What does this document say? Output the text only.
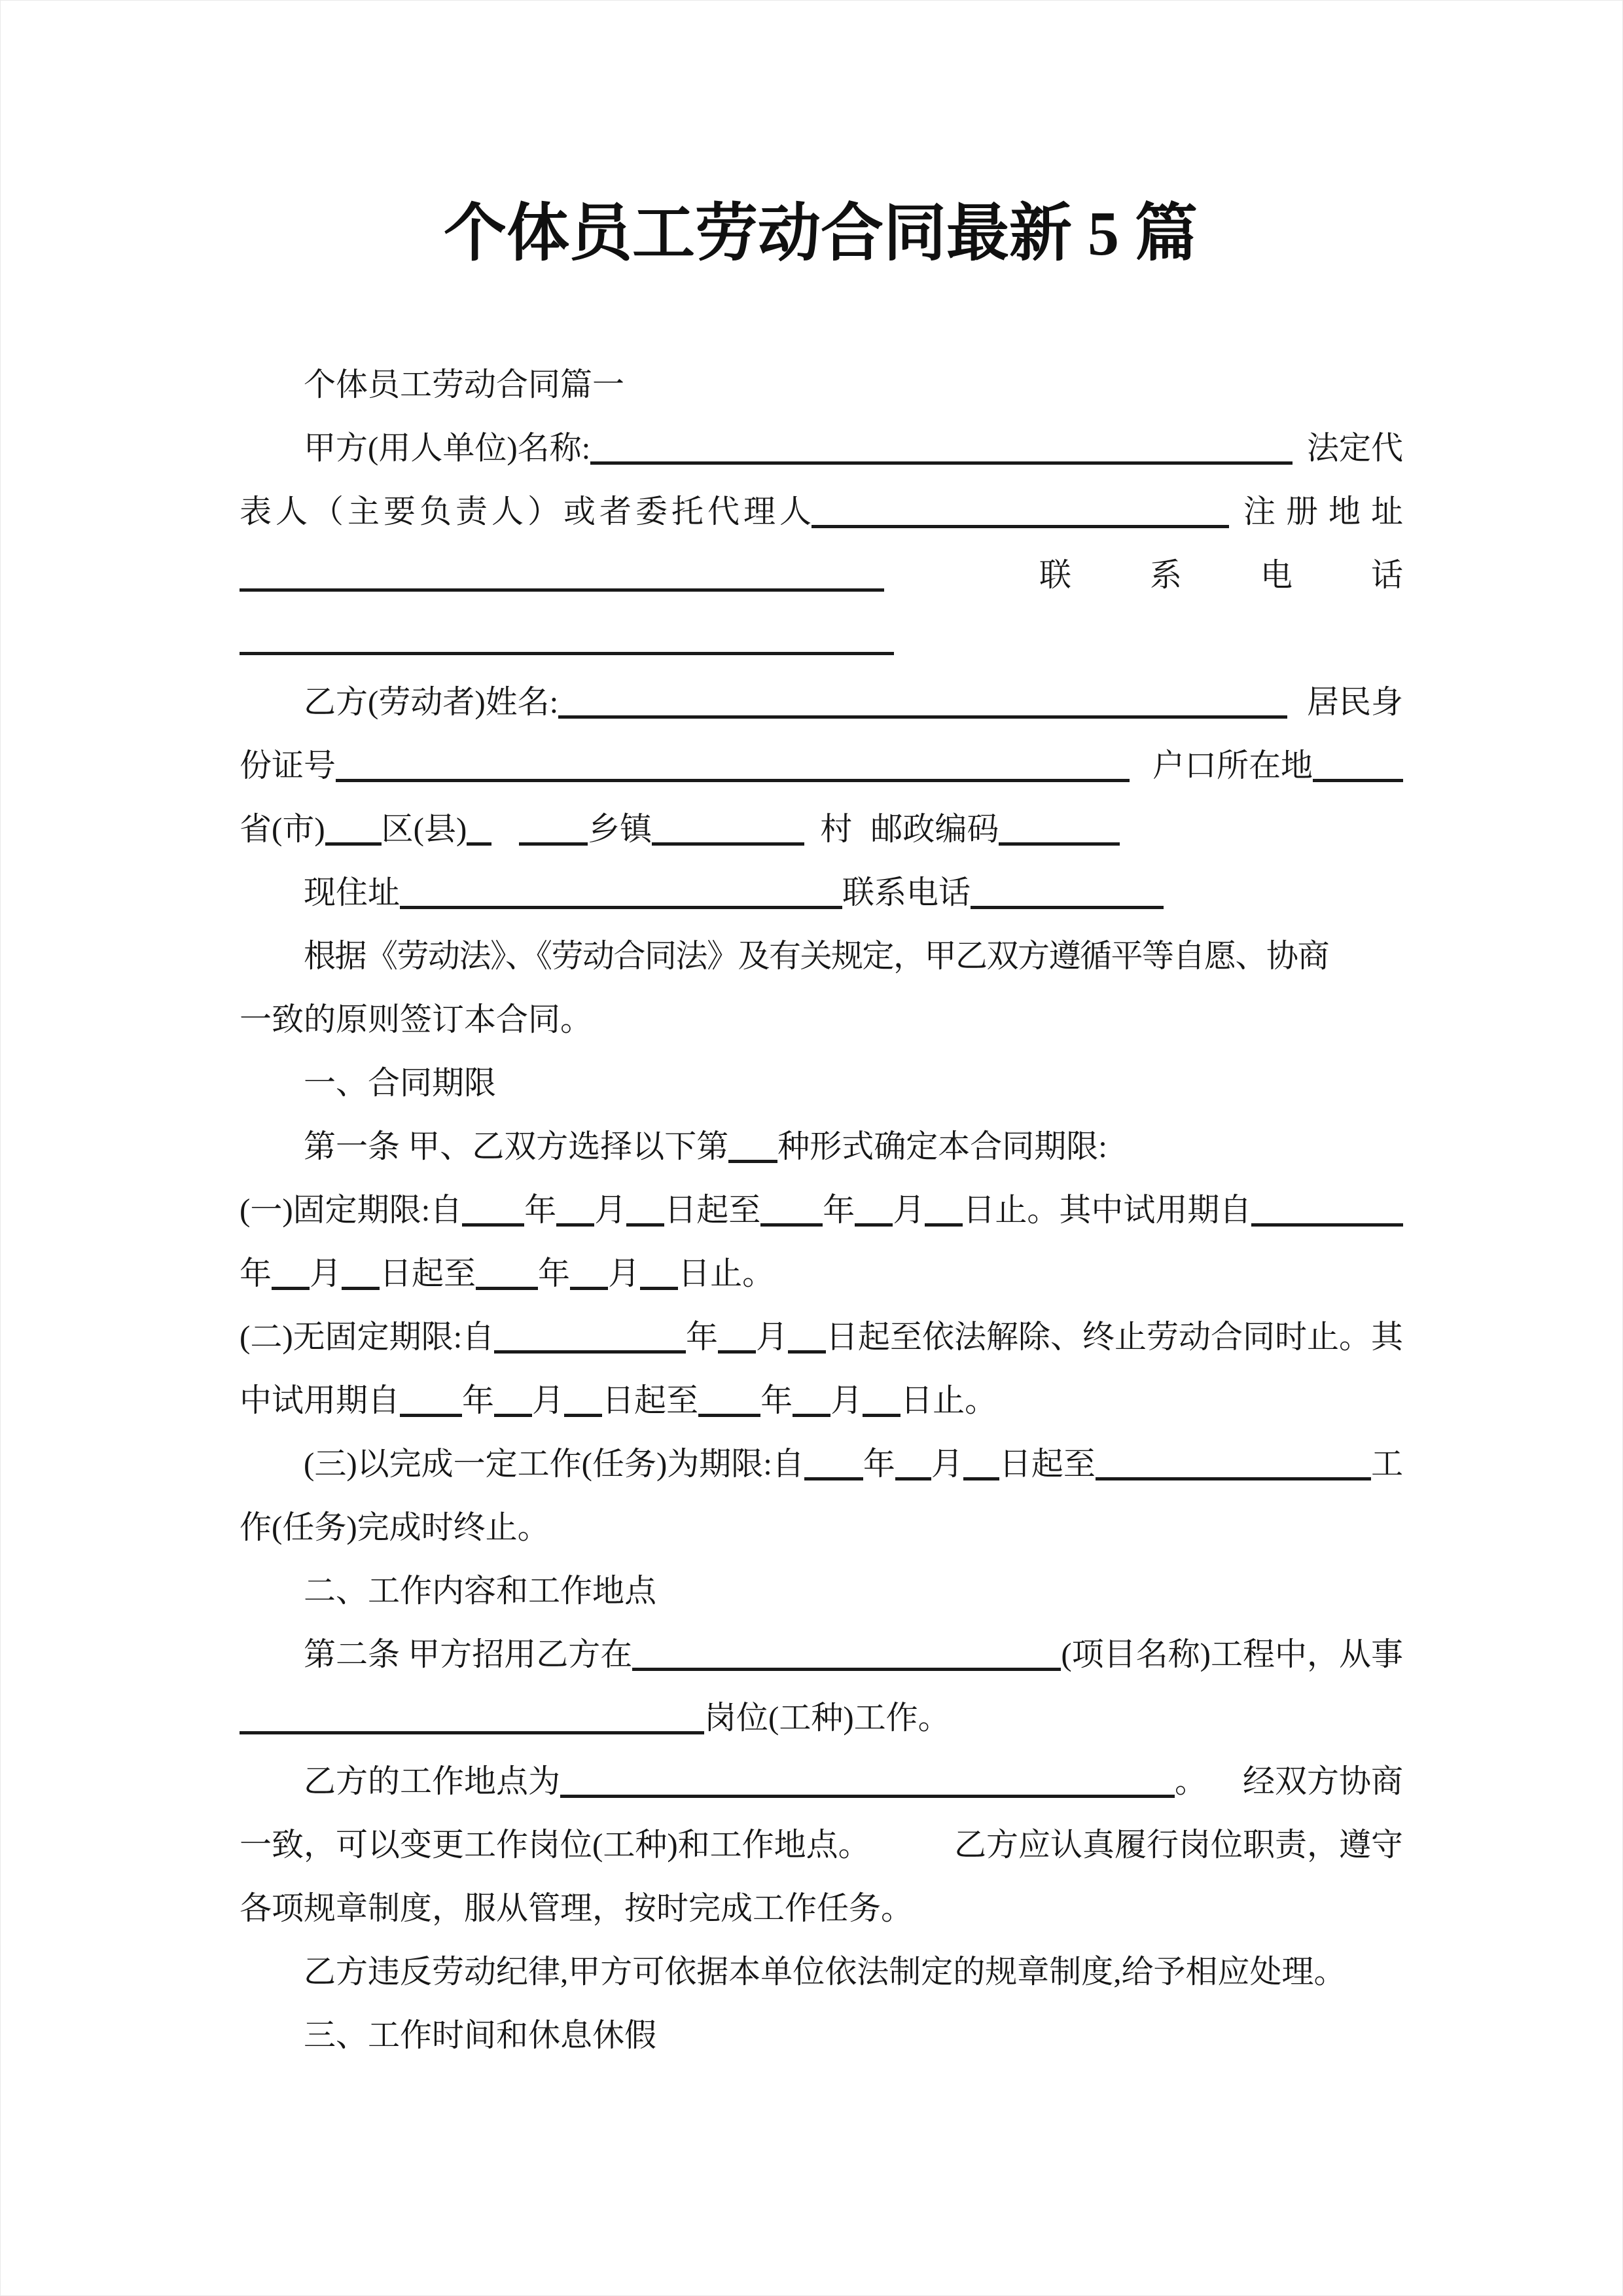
个体员工劳动合同最新 5 篇
个体员工劳动合同篇一
甲方(用人单位)名称:	法定代
表人（主要负责人）或者委托代理人	注册地址
联系电话
乙方(劳动者)姓名:	居民身
份证号	户口所在地
省(市) 区(县)	乡镇	村 邮政编码
现住址	联系电话
根据《劳动法》、《劳动合同法》及有关规定，甲乙双方遵循平等自愿、协商
一致的原则签订本合同。
一、合同期限
第一条 甲、乙双方选择以下第 种形式确定本合同期限:
(一)固定期限:自 年 月 日起至 年 月 日止。其中试用期自
年 月 日起至 年 月 日止。
(二)无固定期限:自	年 月 日起至依法解除、终止劳动合同时止。其
中试用期自 年 月 日起至 年 月 日止。
(三)以完成一定工作(任务)为期限:自 年 月 日起至	工
作(任务)完成时终止。
二、工作内容和工作地点
第二条 甲方招用乙方在	(项目名称)工程中，从事
岗位(工种)工作。
乙方的工作地点为	。 经双方协商
一致，可以变更工作岗位(工种)和工作地点。	乙方应认真履行岗位职责，遵守
各项规章制度，服从管理，按时完成工作任务。
乙方违反劳动纪律,甲方可依据本单位依法制定的规章制度,给予相应处理。
三、工作时间和休息休假
